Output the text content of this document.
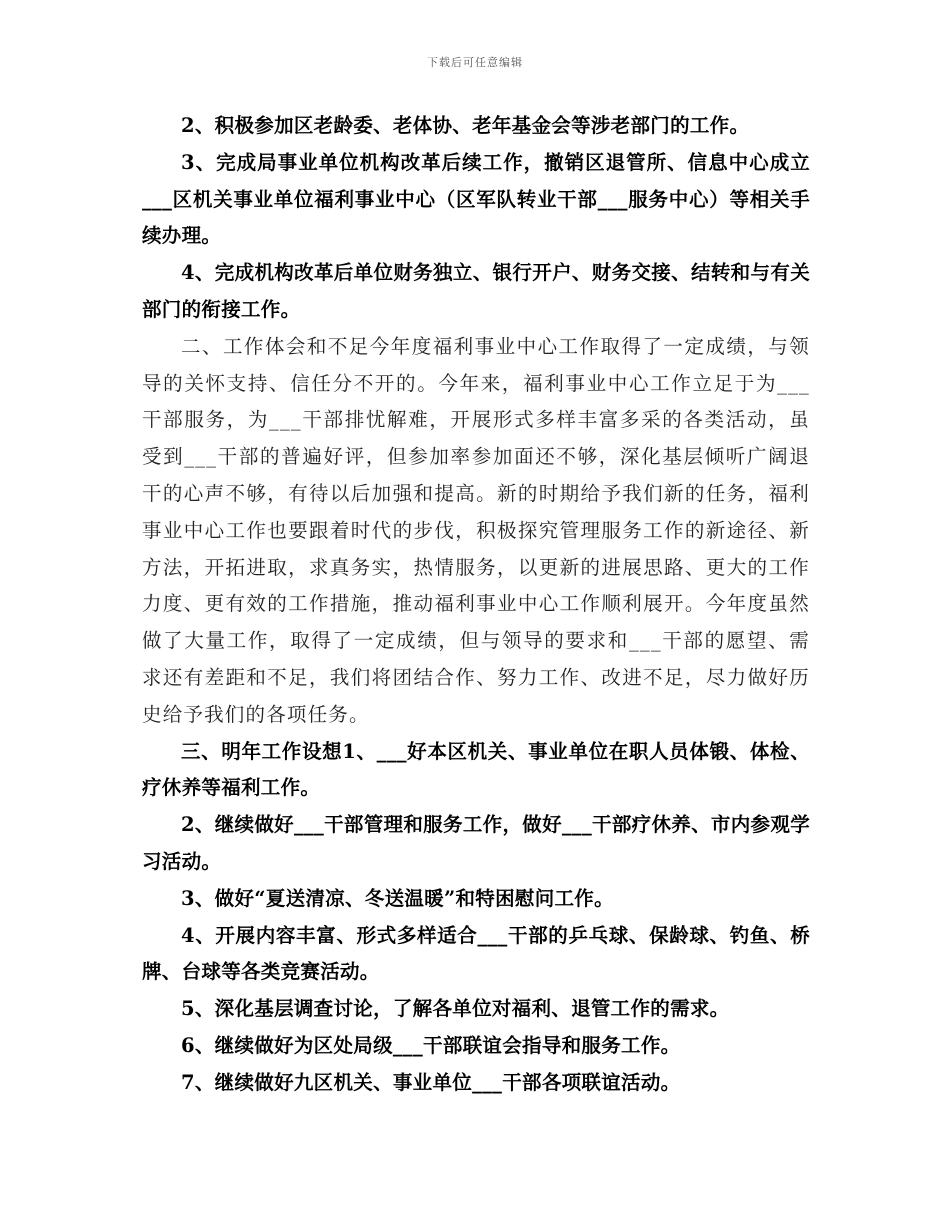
下载后可任意编辑

2、积极参加区老龄委、老体协、老年基金会等涉老部门的工作。

3、完成局事业单位机构改革后续工作，撤销区退管所、信息中心成立___区机关事业单位福利事业中心（区军队转业干部___服务中心）等相关手续办理。

4、完成机构改革后单位财务独立、银行开户、财务交接、结转和与有关部门的衔接工作。

二、工作体会和不足今年度福利事业中心工作取得了一定成绩，与领导的关怀支持、信任分不开的。今年来，福利事业中心工作立足于为___干部服务，为___干部排忧解难，开展形式多样丰富多采的各类活动，虽受到___干部的普遍好评，但参加率参加面还不够，深化基层倾听广阔退干的心声不够，有待以后加强和提高。新的时期给予我们新的任务，福利事业中心工作也要跟着时代的步伐，积极探究管理服务工作的新途径、新方法，开拓进取，求真务实，热情服务，以更新的进展思路、更大的工作力度、更有效的工作措施，推动福利事业中心工作顺利展开。今年度虽然做了大量工作，取得了一定成绩，但与领导的要求和___干部的愿望、需求还有差距和不足，我们将团结合作、努力工作、改进不足，尽力做好历史给予我们的各项任务。

三、明年工作设想1、___好本区机关、事业单位在职人员体锻、体检、疗休养等福利工作。

2、继续做好___干部管理和服务工作，做好___干部疗休养、市内参观学习活动。

3、做好“夏送清凉、冬送温暖”和特困慰问工作。

4、开展内容丰富、形式多样适合___干部的乒乓球、保龄球、钓鱼、桥牌、台球等各类竞赛活动。

5、深化基层调查讨论，了解各单位对福利、退管工作的需求。

6、继续做好为区处局级___干部联谊会指导和服务工作。

7、继续做好九区机关、事业单位___干部各项联谊活动。
